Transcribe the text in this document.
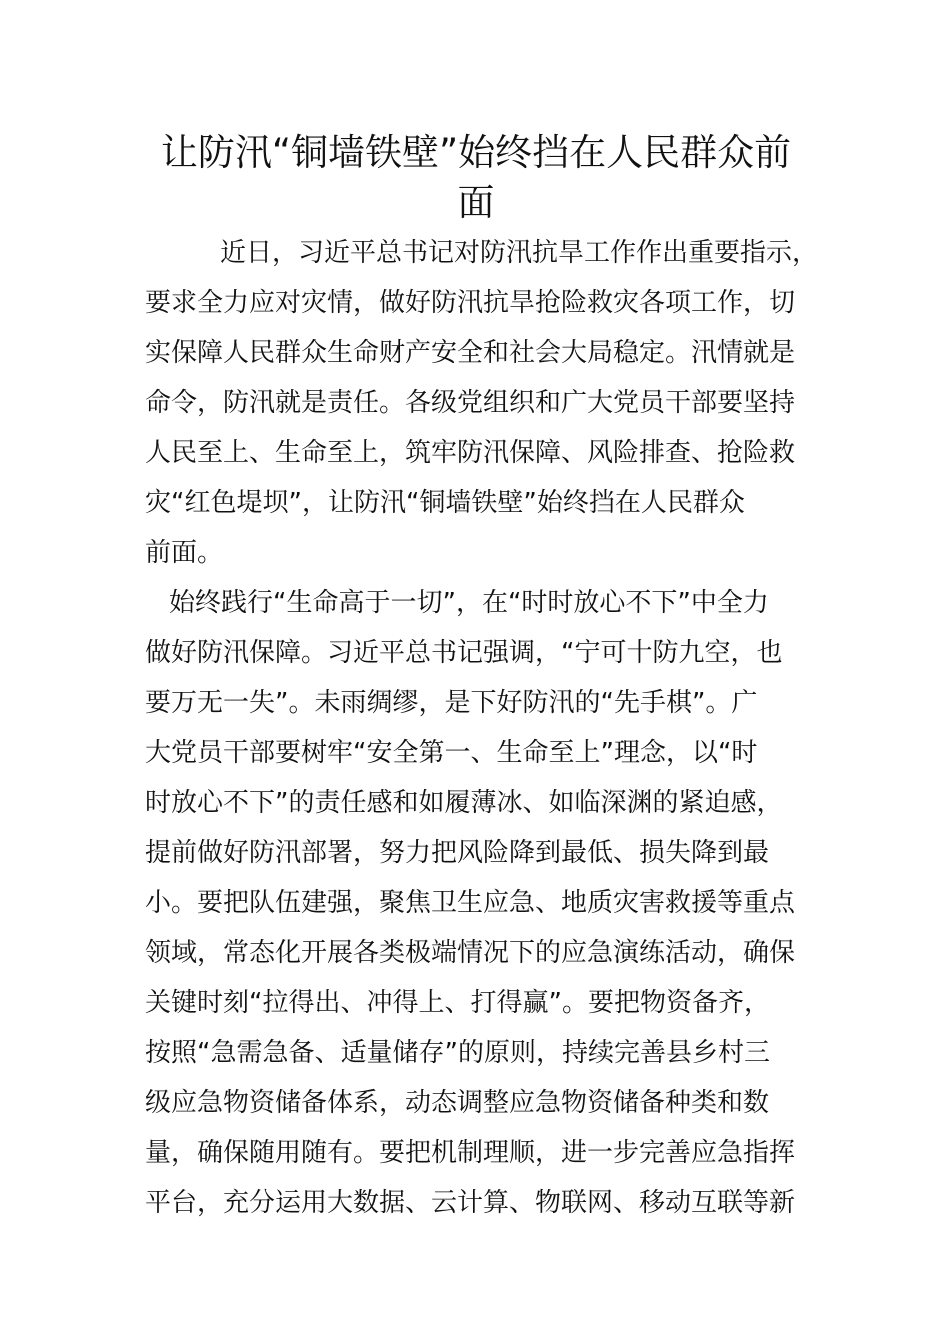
让防汛“铜墙铁壁”始终挡在人民群众前
面

近日，习近平总书记对防汛抗旱工作作出重要指示，
要求全力应对灾情，做好防汛抗旱抢险救灾各项工作，切
实保障人民群众生命财产安全和社会大局稳定。汛情就是
命令，防汛就是责任。各级党组织和广大党员干部要坚持
人民至上、生命至上，筑牢防汛保障、风险排查、抢险救
灾“红色堤坝”，让防汛“铜墙铁壁”始终挡在人民群众
前面。

始终践行“生命高于一切”，在“时时放心不下”中全力
做好防汛保障。习近平总书记强调，“宁可十防九空，也
要万无一失”。未雨绸缪，是下好防汛的“先手棋”。广
大党员干部要树牢“安全第一、生命至上”理念，以“时
时放心不下”的责任感和如履薄冰、如临深渊的紧迫感，
提前做好防汛部署，努力把风险降到最低、损失降到最
小。要把队伍建强，聚焦卫生应急、地质灾害救援等重点
领域，常态化开展各类极端情况下的应急演练活动，确保
关键时刻“拉得出、冲得上、打得赢”。要把物资备齐，
按照“急需急备、适量储存”的原则，持续完善县乡村三
级应急物资储备体系，动态调整应急物资储备种类和数
量，确保随用随有。要把机制理顺，进一步完善应急指挥
平台，充分运用大数据、云计算、物联网、移动互联等新
